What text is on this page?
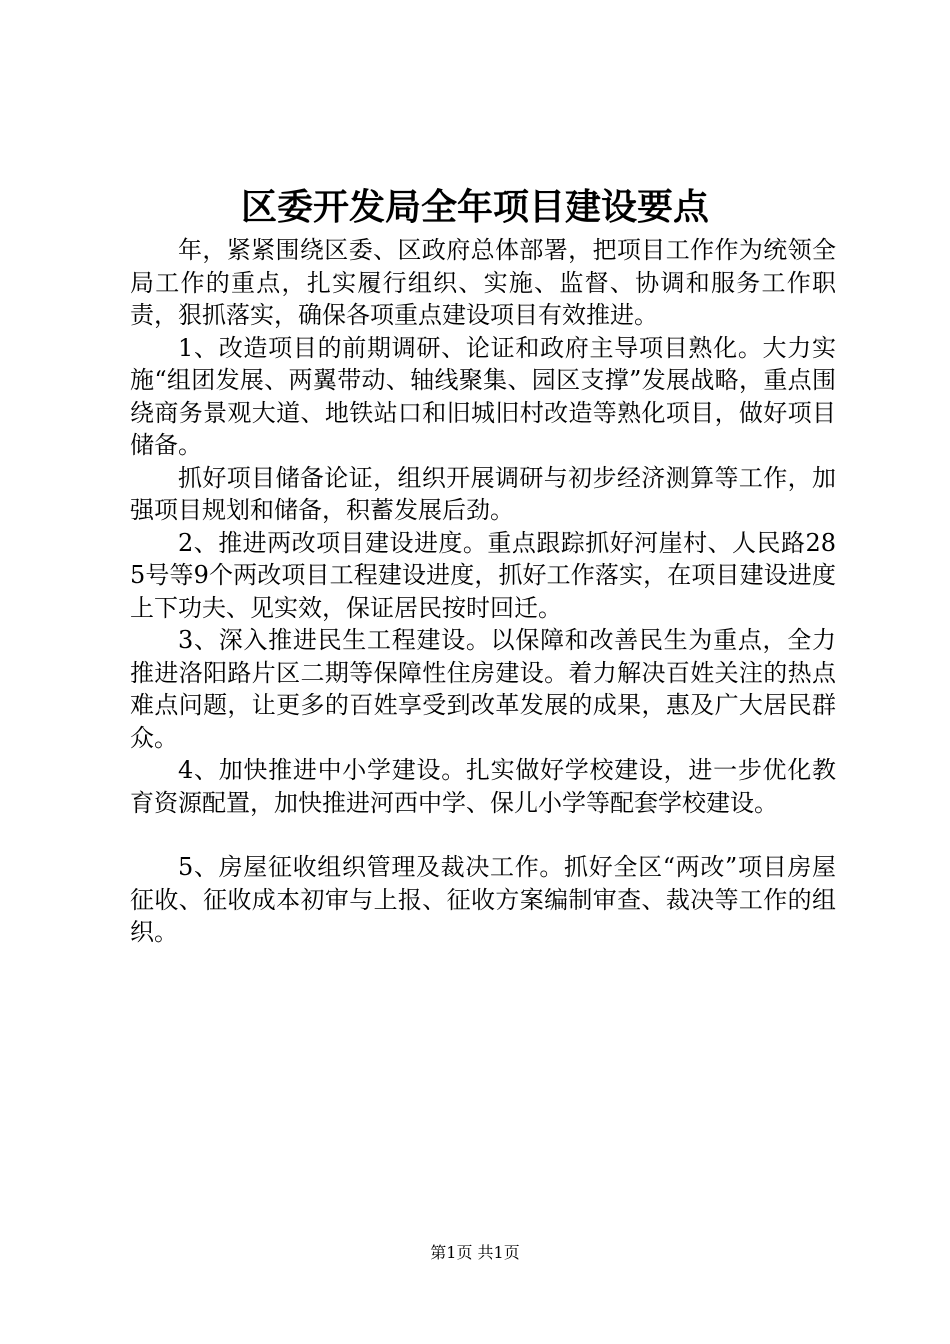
区委开发局全年项目建设要点

年，紧紧围绕区委、区政府总体部署，把项目工作作为统领全局工作的重点，扎实履行组织、实施、监督、协调和服务工作职责，狠抓落实，确保各项重点建设项目有效推进。

1、改造项目的前期调研、论证和政府主导项目熟化。大力实施“组团发展、两翼带动、轴线聚集、园区支撑”发展战略，重点围绕商务景观大道、地铁站口和旧城旧村改造等熟化项目，做好项目储备。

抓好项目储备论证，组织开展调研与初步经济测算等工作，加强项目规划和储备，积蓄发展后劲。

2、推进两改项目建设进度。重点跟踪抓好河崖村、人民路285号等9个两改项目工程建设进度，抓好工作落实，在项目建设进度上下功夫、见实效，保证居民按时回迁。

3、深入推进民生工程建设。以保障和改善民生为重点，全力推进洛阳路片区二期等保障性住房建设。着力解决百姓关注的热点难点问题，让更多的百姓享受到改革发展的成果，惠及广大居民群众。

4、加快推进中小学建设。扎实做好学校建设，进一步优化教育资源配置，加快推进河西中学、保儿小学等配套学校建设。

5、房屋征收组织管理及裁决工作。抓好全区“两改”项目房屋征收、征收成本初审与上报、征收方案编制审查、裁决等工作的组织。

第1页 共1页
